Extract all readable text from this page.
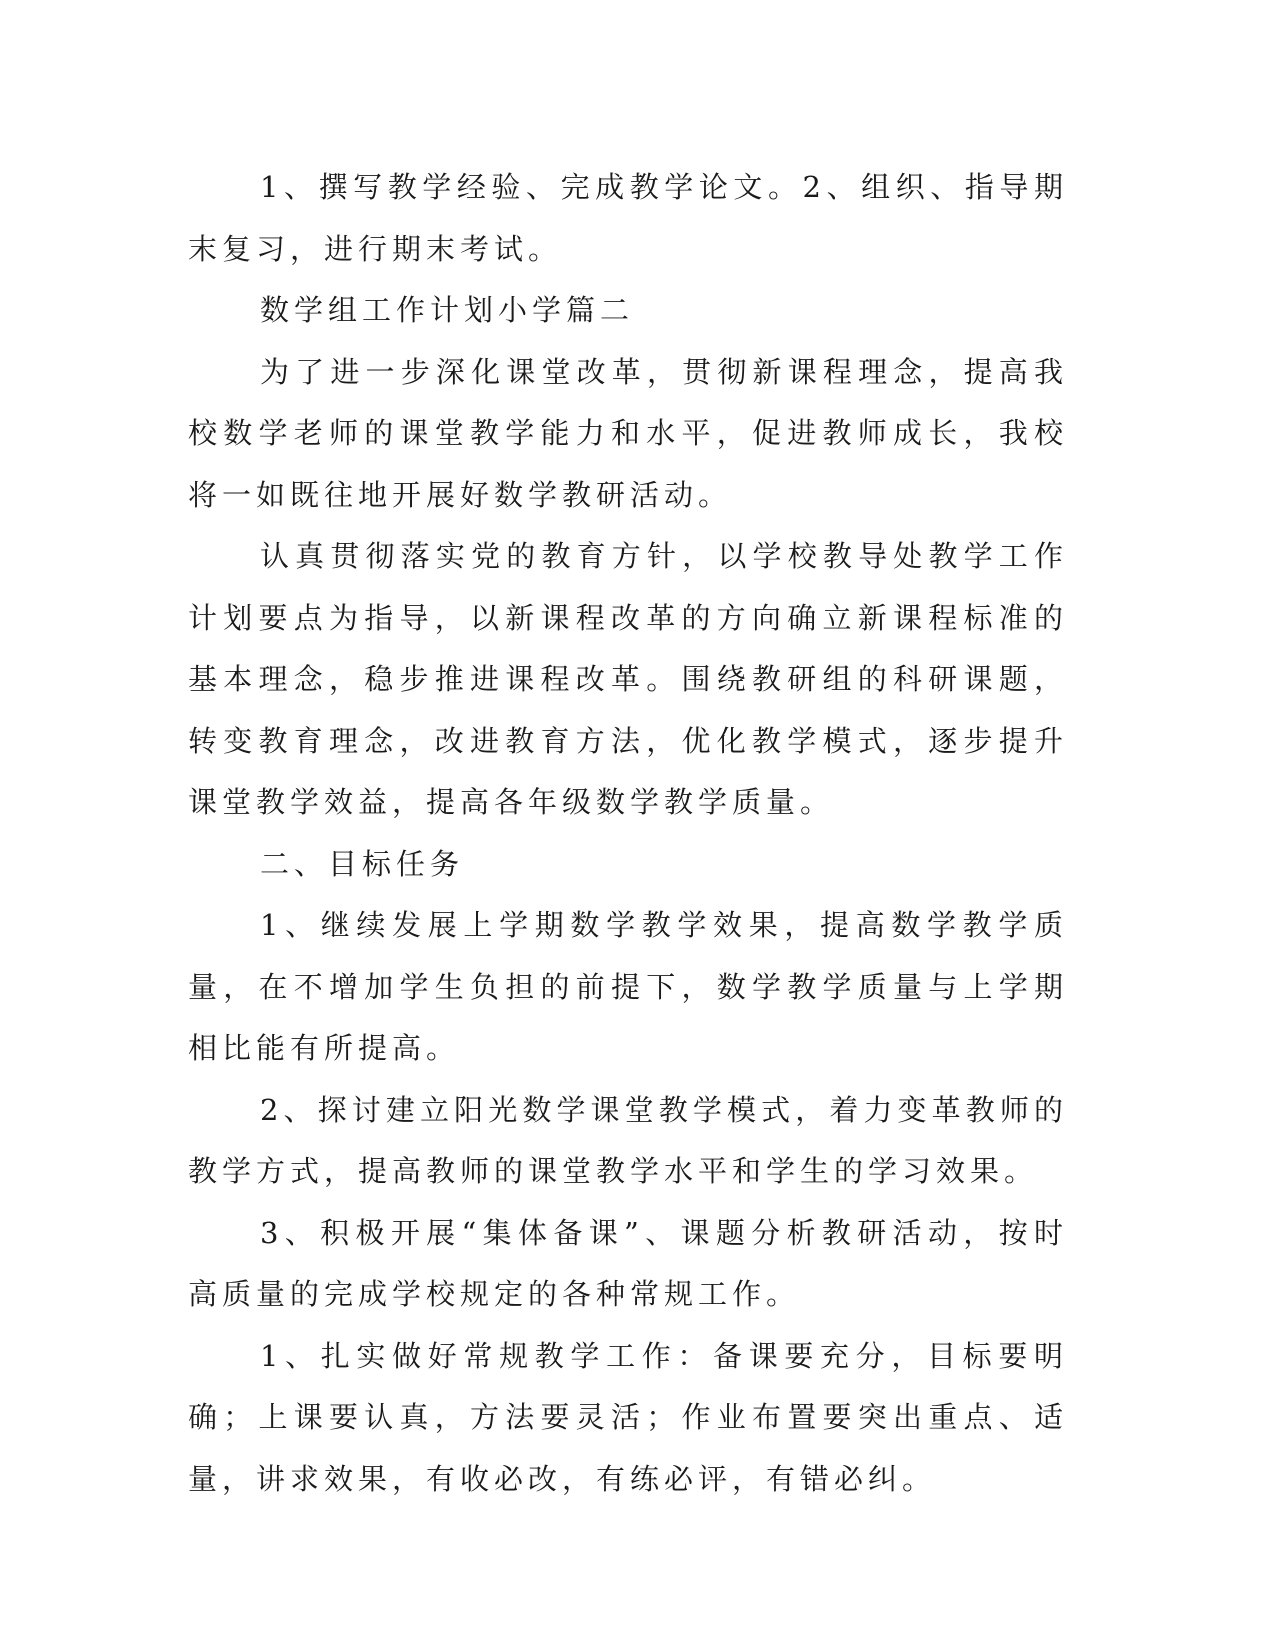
1、撰写教学经验、完成教学论文。2、组织、指导期末复习，进行期末考试。

数学组工作计划小学篇二

为了进一步深化课堂改革，贯彻新课程理念，提高我校数学老师的课堂教学能力和水平，促进教师成长，我校将一如既往地开展好数学教研活动。

认真贯彻落实党的教育方针，以学校教导处教学工作计划要点为指导，以新课程改革的方向确立新课程标准的基本理念，稳步推进课程改革。围绕教研组的科研课题，转变教育理念，改进教育方法，优化教学模式，逐步提升课堂教学效益，提高各年级数学教学质量。

二、目标任务

1、继续发展上学期数学教学效果，提高数学教学质量，在不增加学生负担的前提下，数学教学质量与上学期相比能有所提高。

2、探讨建立阳光数学课堂教学模式，着力变革教师的教学方式，提高教师的课堂教学水平和学生的学习效果。

3、积极开展“集体备课”、课题分析教研活动，按时高质量的完成学校规定的各种常规工作。

1、扎实做好常规教学工作：备课要充分，目标要明确；上课要认真，方法要灵活；作业布置要突出重点、适量，讲求效果，有收必改，有练必评，有错必纠。
